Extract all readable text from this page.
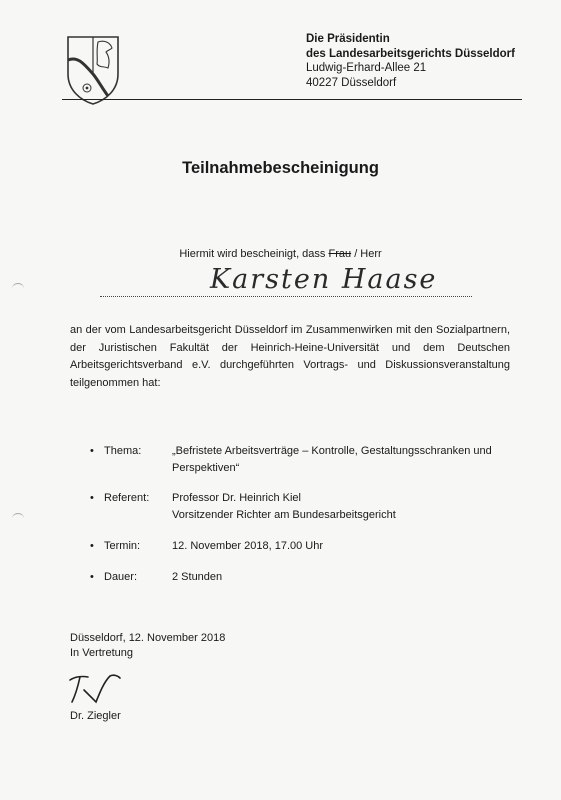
Die Präsidentin
des Landesarbeitsgerichts Düsseldorf
Ludwig-Erhard-Allee 21
40227 Düsseldorf
Teilnahmebescheinigung
Hiermit wird bescheinigt, dass Frau / Herr
Karsten Haase
an der vom Landesarbeitsgericht Düsseldorf im Zusammenwirken mit den Sozialpartnern, der Juristischen Fakultät der Heinrich-Heine-Universität und dem Deutschen Arbeitsgerichtsverband e.V. durchgeführten Vortrags- und Diskussionsveranstaltung teilgenommen hat:
• Thema:	„Befristete Arbeitsverträge – Kontrolle, Gestaltungsschranken und Perspektiven“
• Referent: Professor Dr. Heinrich Kiel
Vorsitzender Richter am Bundesarbeitsgericht
• Termin:	12. November 2018, 17.00 Uhr
• Dauer:	2 Stunden
Düsseldorf, 12. November 2018
In Vertretung
Dr. Ziegler
